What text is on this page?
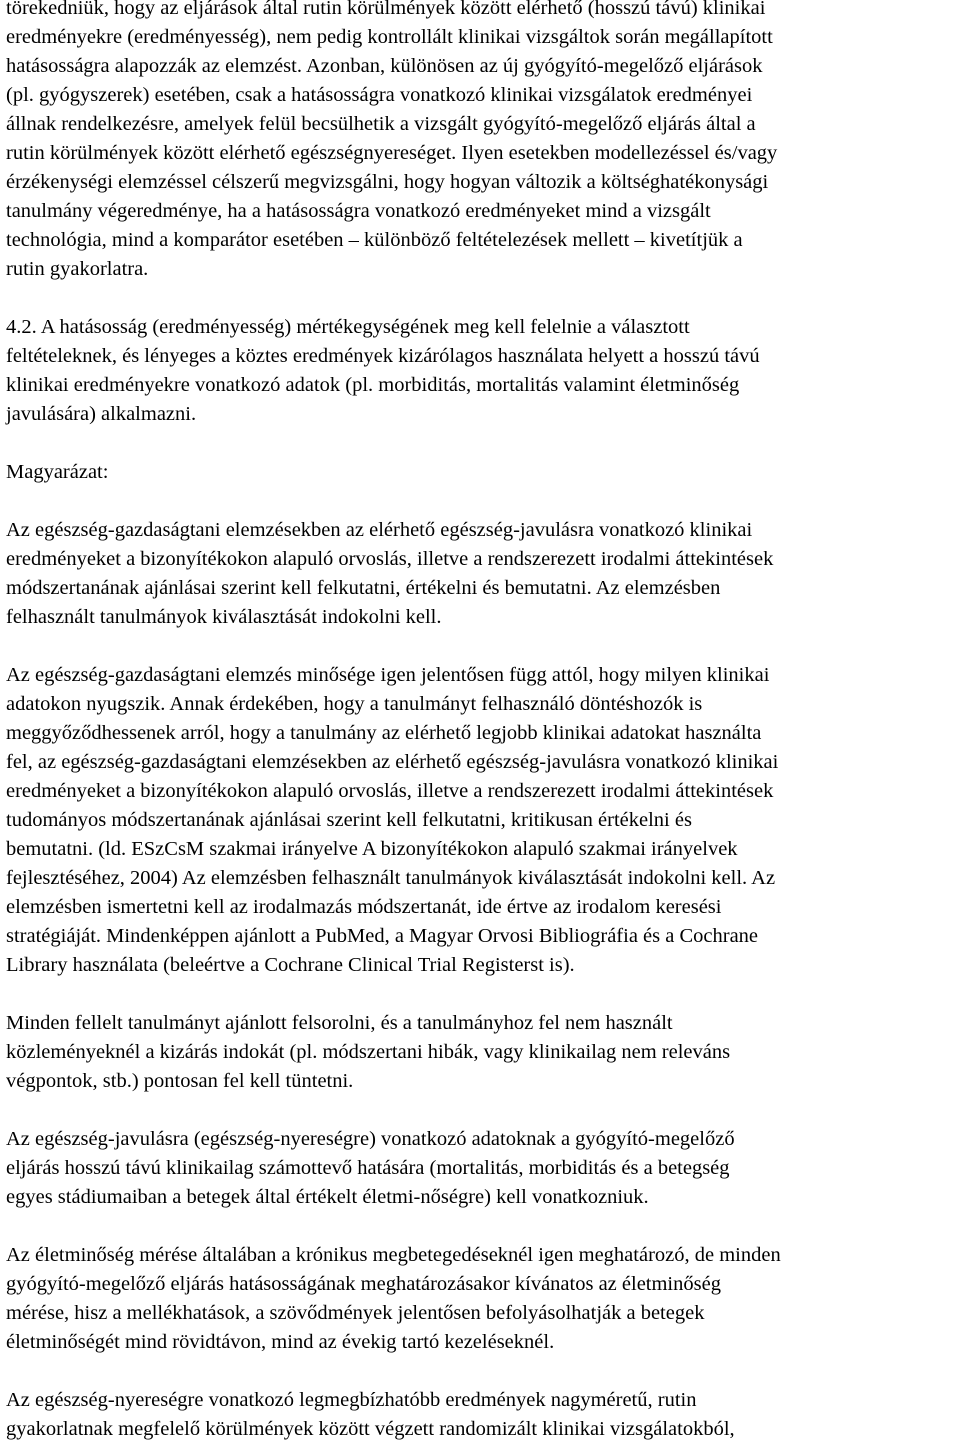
törekedniük, hogy az eljárások által rutin körülmények között elérhető (hosszú távú) klinikai
eredményekre (eredményesség), nem pedig kontrollált klinikai vizsgáltok során megállapított
hatásosságra alapozzák az elemzést. Azonban, különösen az új gyógyító-megelőző eljárások
(pl. gyógyszerek) esetében, csak a hatásosságra vonatkozó klinikai vizsgálatok eredményei
állnak rendelkezésre, amelyek felül becsülhetik a vizsgált gyógyító-megelőző eljárás által a
rutin körülmények között elérhető egészségnyereséget. Ilyen esetekben modellezéssel és/vagy
érzékenységi elemzéssel célszerű megvizsgálni, hogy hogyan változik a költséghatékonysági
tanulmány végeredménye, ha a hatásosságra vonatkozó eredményeket mind a vizsgált
technológia, mind a komparátor esetében – különböző feltételezések mellett – kivetítjük a
rutin gyakorlatra.

4.2. A hatásosság (eredményesség) mértékegységének meg kell felelnie a választott
feltételeknek, és lényeges a köztes eredmények kizárólagos használata helyett a hosszú távú
klinikai eredményekre vonatkozó adatok (pl. morbiditás, mortalitás valamint életminőség
javulására) alkalmazni.

Magyarázat:

Az egészség-gazdaságtani elemzésekben az elérhető egészség-javulásra vonatkozó klinikai
eredményeket a bizonyítékokon alapuló orvoslás, illetve a rendszerezett irodalmi áttekintések
módszertanának ajánlásai szerint kell felkutatni, értékelni és bemutatni. Az elemzésben
felhasznált tanulmányok kiválasztását indokolni kell.

Az egészség-gazdaságtani elemzés minősége igen jelentősen függ attól, hogy milyen klinikai
adatokon nyugszik. Annak érdekében, hogy a tanulmányt felhasználó döntéshozók is
meggyőződhessenek arról, hogy a tanulmány az elérhető legjobb klinikai adatokat használta
fel, az egészség-gazdaságtani elemzésekben az elérhető egészség-javulásra vonatkozó klinikai
eredményeket a bizonyítékokon alapuló orvoslás, illetve a rendszerezett irodalmi áttekintések
tudományos módszertanának ajánlásai szerint kell felkutatni, kritikusan értékelni és
bemutatni. (ld. ESzCsM szakmai irányelve A bizonyítékokon alapuló szakmai irányelvek
fejlesztéséhez, 2004) Az elemzésben felhasznált tanulmányok kiválasztását indokolni kell. Az
elemzésben ismertetni kell az irodalmazás módszertanát, ide értve az irodalom keresési
stratégiáját. Mindenképpen ajánlott a PubMed, a Magyar Orvosi Bibliográfia és a Cochrane
Library használata (beleértve a Cochrane Clinical Trial Registerst is).

Minden fellelt tanulmányt ajánlott felsorolni, és a tanulmányhoz fel nem használt
közleményeknél a kizárás indokát (pl. módszertani hibák, vagy klinikailag nem releváns
végpontok, stb.) pontosan fel kell tüntetni.

Az egészség-javulásra (egészség-nyereségre) vonatkozó adatoknak a gyógyító-megelőző
eljárás hosszú távú klinikailag számottevő hatására (mortalitás, morbiditás és a betegség
egyes stádiumaiban a betegek által értékelt életmi-nőségre) kell vonatkozniuk.

Az életminőség mérése általában a krónikus megbetegedéseknél igen meghatározó, de minden
gyógyító-megelőző eljárás hatásosságának meghatározásakor kívánatos az életminőség
mérése, hisz a mellékhatások, a szövődmények jelentősen befolyásolhatják a betegek
életminőségét mind rövidtávon, mind az évekig tartó kezeléseknél.

Az egészség-nyereségre vonatkozó legmegbízhatóbb eredmények nagyméretű, rutin
gyakorlatnak megfelelő körülmények között végzett randomizált klinikai vizsgálatokból,
